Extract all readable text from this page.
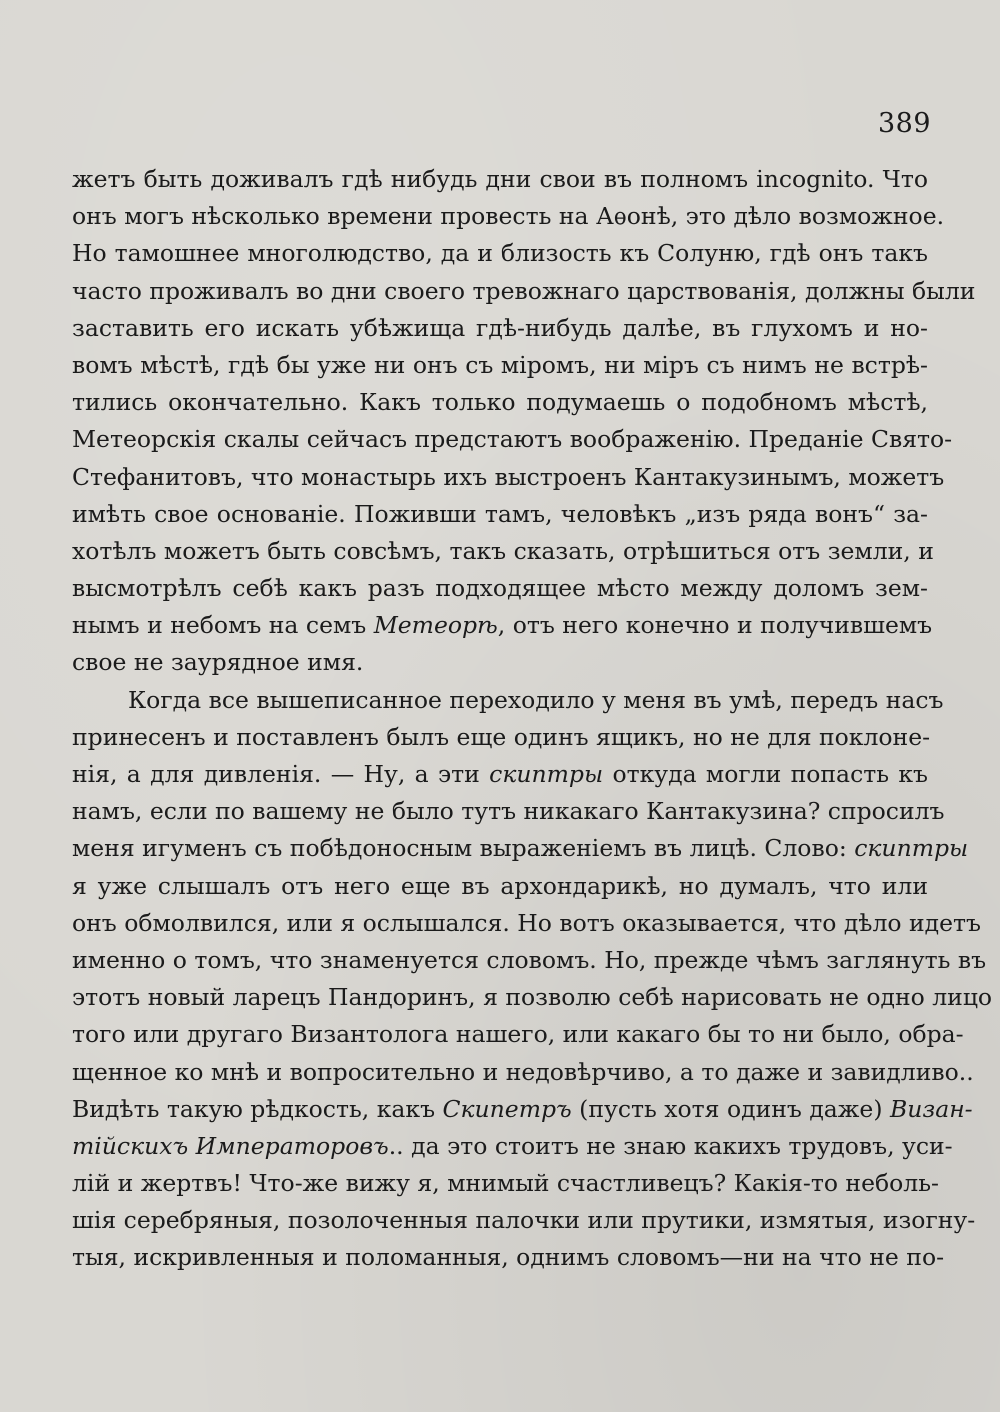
389
жетъ быть доживалъ гдѣ нибудь дни свои въ полномъ incognito. Что
онъ могъ нѣсколько времени провесть на Аѳонѣ, это дѣло возможное.
Но тамошнее многолюдство, да и близость къ Солуню, гдѣ онъ такъ
часто проживалъ во дни своего тревожнаго царствованія, должны были
заставить его искать убѣжища гдѣ-нибудь далѣе, въ глухомъ и но-
вомъ мѣстѣ, гдѣ бы уже ни онъ съ міромъ, ни міръ съ нимъ не встрѣ-
тились окончательно. Какъ только подумаешь о подобномъ мѣстѣ,
Метеорскія скалы сейчасъ предстаютъ воображенію. Преданіе Свято-
Стефанитовъ, что монастырь ихъ выстроенъ Кантакузинымъ, можетъ
имѣть свое основаніе. Поживши тамъ, человѣкъ „изъ ряда вонъ“ за-
хотѣлъ можетъ быть совсѣмъ, такъ сказать, отрѣшиться отъ земли, и
высмотрѣлъ себѣ какъ разъ подходящее мѣсто между доломъ зем-
нымъ и небомъ на семъ Метеорѣ, отъ него конечно и получившемъ
свое не заурядное имя.
Когда все вышеписанное переходило у меня въ умѣ, передъ насъ
принесенъ и поставленъ былъ еще одинъ ящикъ, но не для поклоне-
нія, а для дивленія. — Ну, а эти скиптры откуда могли попасть къ
намъ, если по вашему не было тутъ никакаго Кантакузина? спросилъ
меня игуменъ съ побѣдоносным выраженіемъ въ лицѣ. Слово: скиптры
я уже слышалъ отъ него еще въ архондарикѣ, но думалъ, что или
онъ обмолвился, или я ослышался. Но вотъ оказывается, что дѣло идетъ
именно о томъ, что знаменуется словомъ. Но, прежде чѣмъ заглянуть въ
этотъ новый ларецъ Пандоринъ, я позволю себѣ нарисовать не одно лицо
того или другаго Византолога нашего, или какаго бы то ни было, обра-
щенное ко мнѣ и вопросительно и недовѣрчиво, а то даже и завидливо..
Видѣть такую рѣдкость, какъ Скипетръ (пусть хотя одинъ даже) Визан-
тійскихъ Императоровъ.. да это стоитъ не знаю какихъ трудовъ, уси-
лій и жертвъ! Что-же вижу я, мнимый счастливецъ? Какія-то неболь-
шія серебряныя, позолоченныя палочки или прутики, измятыя, изогну-
тыя, искривленныя и поломанныя, однимъ словомъ—ни на что не по-
